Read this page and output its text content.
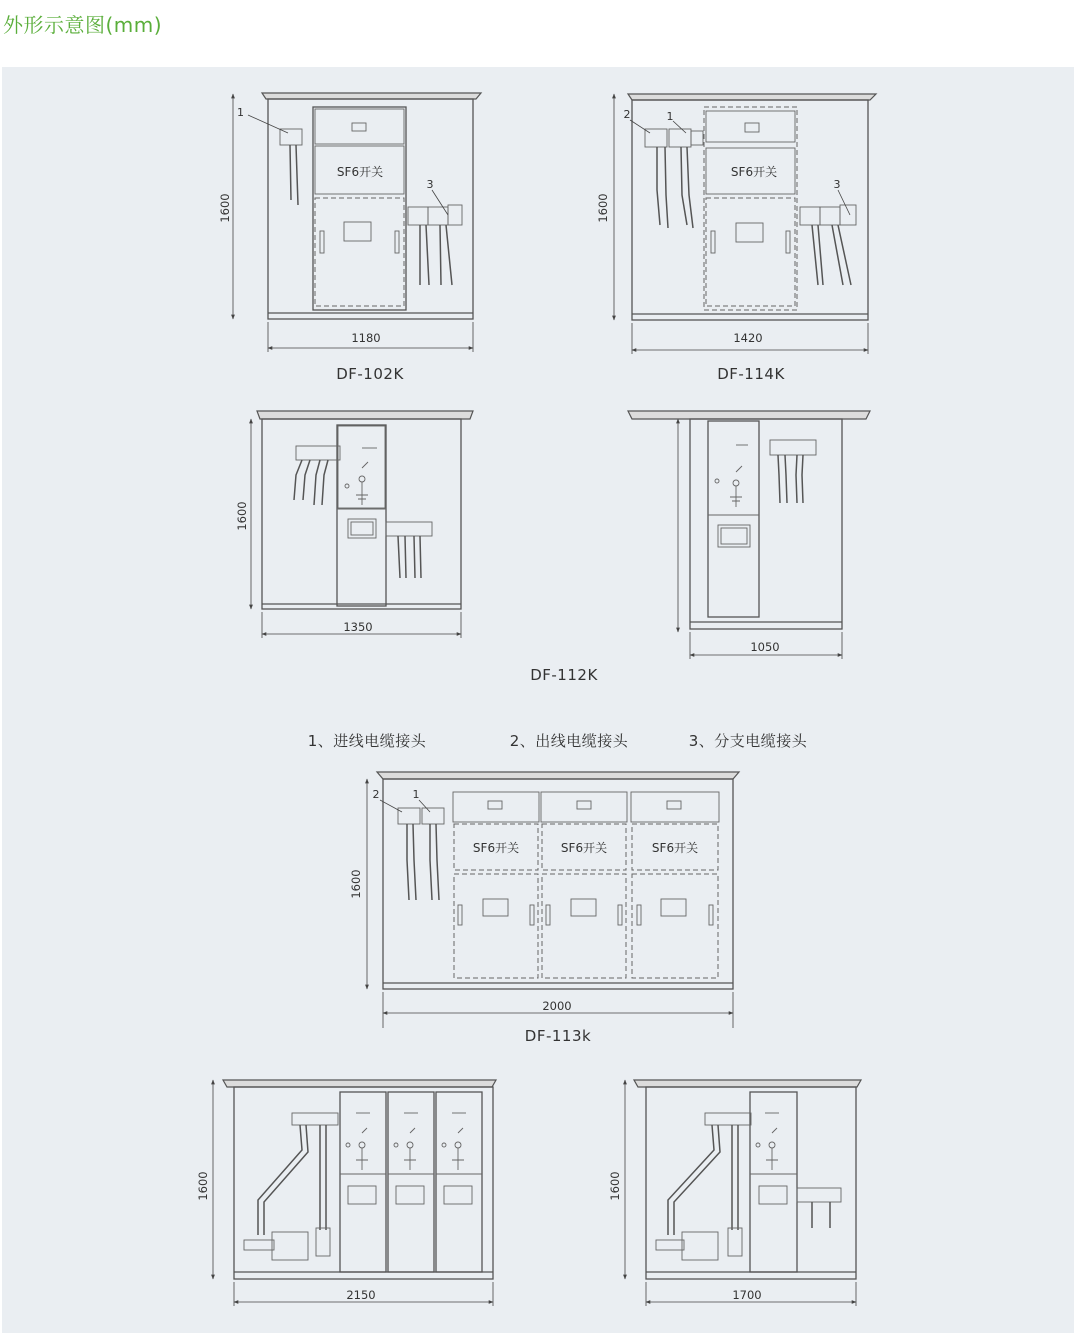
外形示意图(mm)
1
3
SF6开关
1600
1180
DF-102K
2	1
3
SF6开关
1600
1420
DF-114K
1600
1350
1050
DF-112K
1、进线电缆接头	2、出线电缆接头	3、分支电缆接头
2	1
SF6开关	SF6开关	SF6开关
1600
2000
DF-113k
1600
2150
1600
1700
